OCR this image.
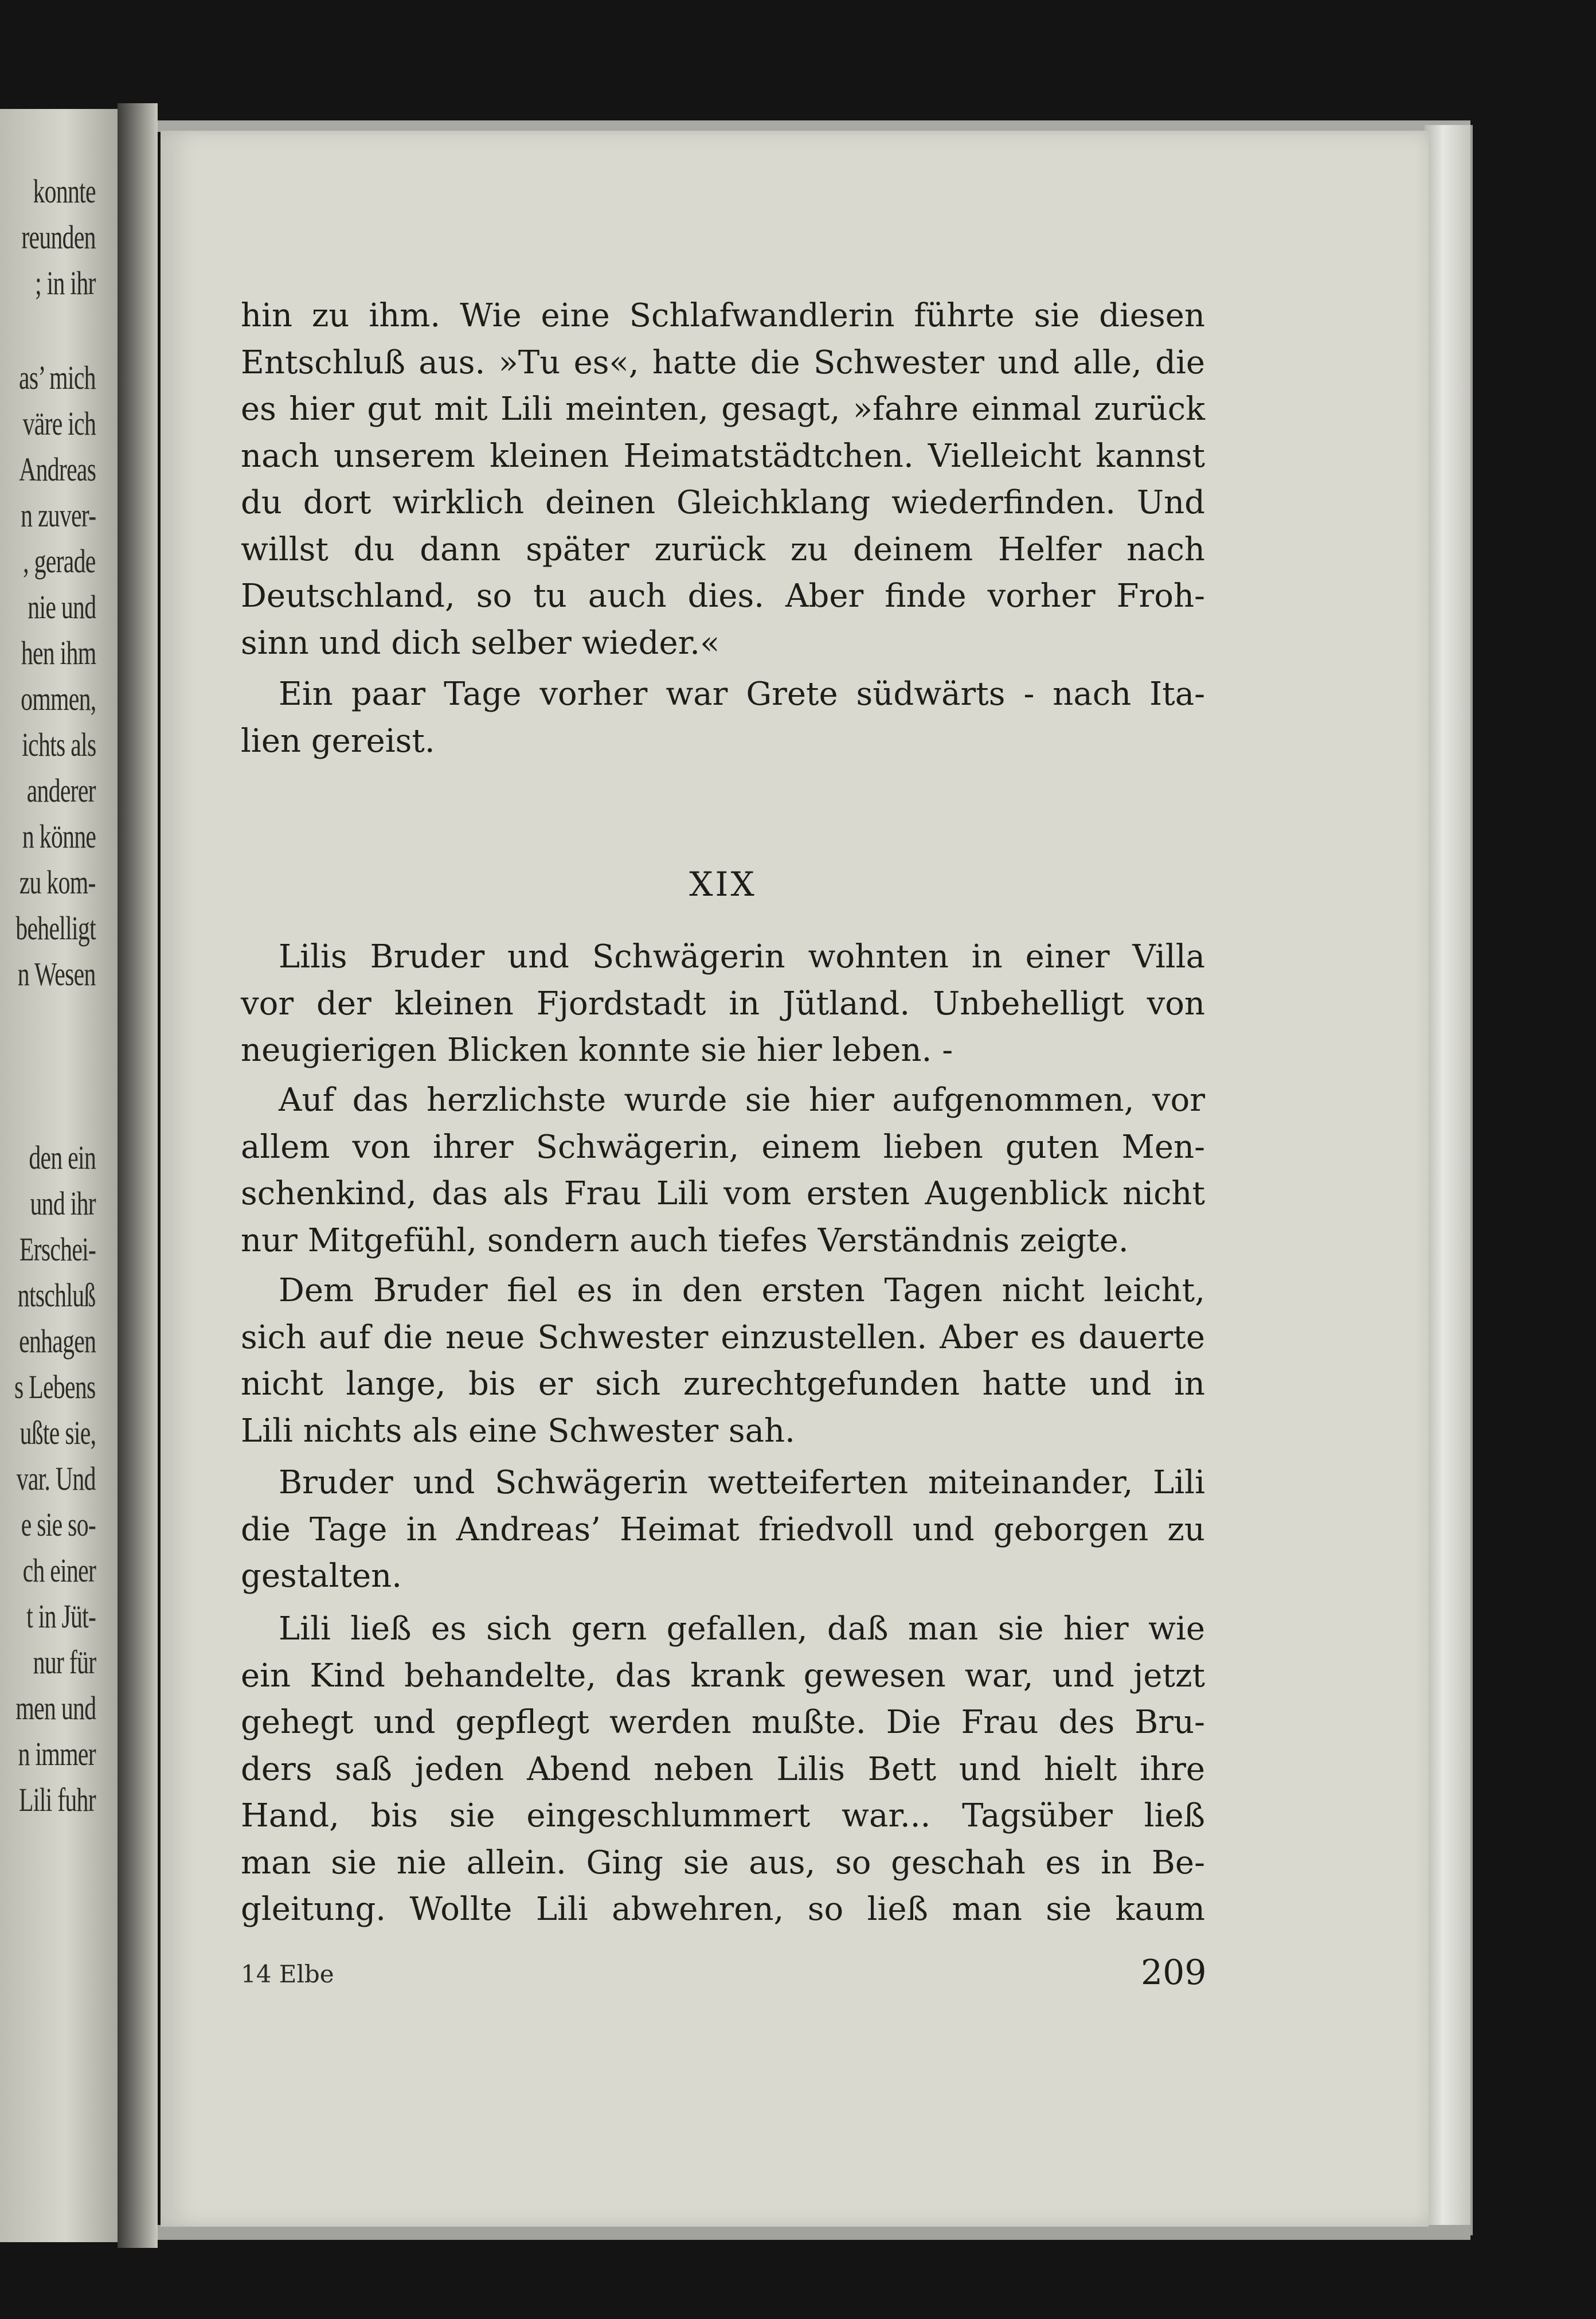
konnte
reunden
; in ihr
as’ mich
väre ich
Andreas
n zuver-
, gerade
nie und
hen ihm
ommen,
ichts als
anderer
n könne
zu kom-
behelligt
n Wesen
den ein
und ihr
Erschei-
ntschluß
enhagen
s Lebens
ußte sie,
var. Und
e sie so-
ch einer
t in Jüt-
nur für
men und
n immer
Lili fuhr
hin zu ihm. Wie eine Schlafwandlerin führte sie diesen
Entschluß aus. »Tu es«, hatte die Schwester und alle, die
es hier gut mit Lili meinten, gesagt, »fahre einmal zurück
nach unserem kleinen Heimatstädtchen. Vielleicht kannst
du dort wirklich deinen Gleichklang wiederfinden. Und
willst du dann später zurück zu deinem Helfer nach
Deutschland, so tu auch dies. Aber finde vorher Froh-
sinn und dich selber wieder.«
Ein paar Tage vorher war Grete südwärts - nach Ita-
lien gereist.
Lilis Bruder und Schwägerin wohnten in einer Villa
vor der kleinen Fjordstadt in Jütland. Unbehelligt von
neugierigen Blicken konnte sie hier leben. -
Auf das herzlichste wurde sie hier aufgenommen, vor
allem von ihrer Schwägerin, einem lieben guten Men-
schenkind, das als Frau Lili vom ersten Augenblick nicht
nur Mitgefühl, sondern auch tiefes Verständnis zeigte.
Dem Bruder fiel es in den ersten Tagen nicht leicht,
sich auf die neue Schwester einzustellen. Aber es dauerte
nicht lange, bis er sich zurechtgefunden hatte und in
Lili nichts als eine Schwester sah.
Bruder und Schwägerin wetteiferten miteinander, Lili
die Tage in Andreas’ Heimat friedvoll und geborgen zu
gestalten.
Lili ließ es sich gern gefallen, daß man sie hier wie
ein Kind behandelte, das krank gewesen war, und jetzt
gehegt und gepflegt werden mußte. Die Frau des Bru-
ders saß jeden Abend neben Lilis Bett und hielt ihre
Hand, bis sie eingeschlummert war... Tagsüber ließ
man sie nie allein. Ging sie aus, so geschah es in Be-
gleitung. Wollte Lili abwehren, so ließ man sie kaum
XIX
14 Elbe	209
